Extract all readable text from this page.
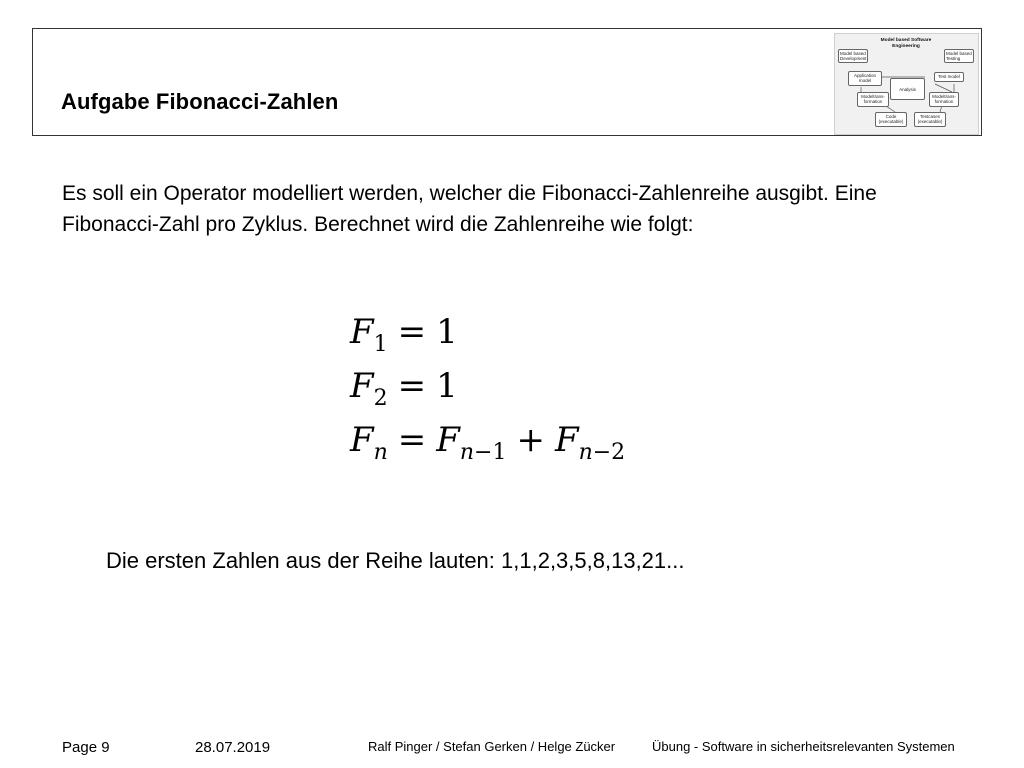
Aufgabe Fibonacci-Zahlen
Model based Software Engineering
Model based Development
Model based Testing
Application model
Test model
Analysis
Modeltrans- formation
Modeltrans- formation
Code (executable)
Testcases (executable)

Es soll ein Operator modelliert werden, welcher die Fibonacci-Zahlenreihe ausgibt. Eine Fibonacci-Zahl pro Zyklus. Berechnet wird die Zahlenreihe wie folgt:

$F_1 = 1$
$F_2 = 1$
$F_n = F_{n-1} + F_{n-2}$

Die ersten Zahlen aus der Reihe lauten: 1,1,2,3,5,8,13,21...

Page 9	28.07.2019	Ralf Pinger / Stefan Gerken / Helge Zücker	Übung - Software in sicherheitsrelevanten Systemen
